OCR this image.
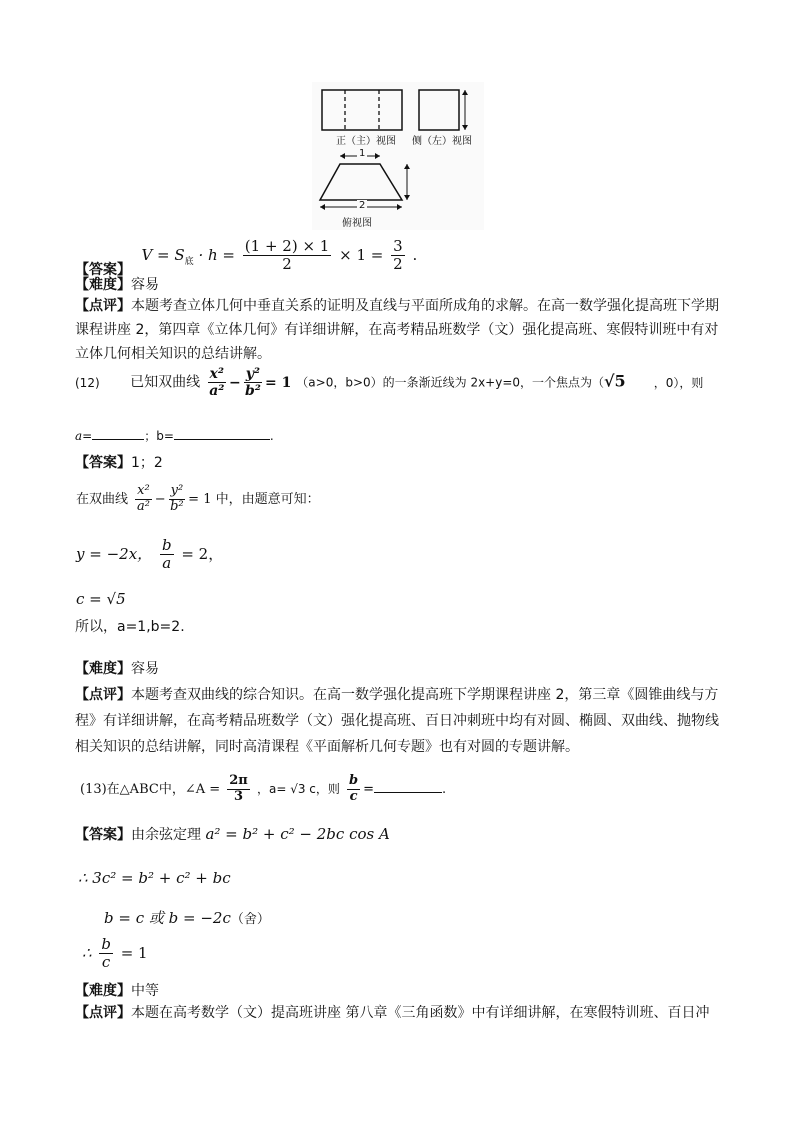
正（主）视图 侧（左）视图
1
2
俯视图
【答案】 $V = S_底 \cdot h = \frac{(1 + 2) \times 1}{2} \times 1 = \frac{3}{2}$ .
【难度】容易
【点评】本题考查立体几何中垂直关系的证明及直线与平面所成角的求解。在高一数学强化提高班下学期课程讲座 2，第四章《立体几何》有详细讲解，在高考精品班数学（文）强化提高班、寒假特训班中有对立体几何相关知识的总结讲解。
(12) 已知双曲线 $\frac{\text{x²}}{\text{a²}} - \frac{\text{y²}}{\text{b²}} = 1$ （a>0，b>0）的一条渐近线为 2x+y=0，一个焦点为（√5 ，0），则
a=	；b=	.
【答案】1；2
在双曲线 $\frac{\text{x²}}{\text{a²}} - \frac{\text{y²}}{\text{b²}} = 1$ 中，由题意可知：
y = −2x， $\frac{b}{a} = 2$，
c = √5
所以，a=1,b=2.
【难度】容易
【点评】本题考查双曲线的综合知识。在高一数学强化提高班下学期课程讲座 2，第三章《圆锥曲线与方程》有详细讲解，在高考精品班数学（文）强化提高班、百日冲刺班中均有对圆、椭圆、双曲线、抛物线相关知识的总结讲解，同时高清课程《平面解析几何专题》也有对圆的专题讲解。
(13)在△ABC中，∠A = $\frac{2\pi}{3}$ ，a= √3 c，则 $\frac{b}{c}$ =	.
【答案】由余弦定理 a² = b² + c² − 2bc cos A
∴ 3c² = b² + c² + bc
b = c 或 b = −2c（舍）
∴ $\frac{b}{c} = 1$
【难度】中等
【点评】本题在高考数学（文）提高班讲座 第八章《三角函数》中有详细讲解，在寒假特训班、百日冲
